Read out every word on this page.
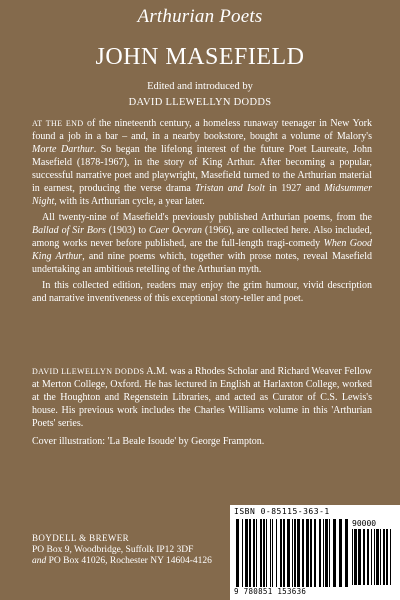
Arthurian Poets
JOHN MASEFIELD
Edited and introduced by
DAVID LLEWELLYN DODDS

AT THE END of the nineteenth century, a homeless runaway teenager in New York found a job in a bar – and, in a nearby bookstore, bought a volume of Malory's Morte Darthur. So began the lifelong interest of the future Poet Laureate, John Masefield (1878-1967), in the story of King Arthur. After becoming a popular, successful narrative poet and playwright, Masefield turned to the Arthurian material in earnest, producing the verse drama Tristan and Isolt in 1927 and Midsummer Night, with its Arthurian cycle, a year later.

All twenty-nine of Masefield's previously published Arthurian poems, from the Ballad of Sir Bors (1903) to Caer Ocvran (1966), are collected here. Also included, among works never before published, are the full-length tragi-comedy When Good King Arthur, and nine poems which, together with prose notes, reveal Masefield undertaking an ambitious retelling of the Arthurian myth.

In this collected edition, readers may enjoy the grim humour, vivid description and narrative inventiveness of this exceptional story-teller and poet.

DAVID LLEWELLYN DODDS A.M. was a Rhodes Scholar and Richard Weaver Fellow at Merton College, Oxford. He has lectured in English at Harlaxton College, worked at the Houghton and Regenstein Libraries, and acted as Curator of C.S. Lewis's house. His previous work includes the Charles Williams volume in this 'Arthurian Poets' series.

Cover illustration: 'La Beale Isoude' by George Frampton.

BOYDELL & BREWER
PO Box 9, Woodbridge, Suffolk IP12 3DF
and PO Box 41026, Rochester NY 14604-4126
ISBN 0-85115-363-1
90000
9 780851 153636
